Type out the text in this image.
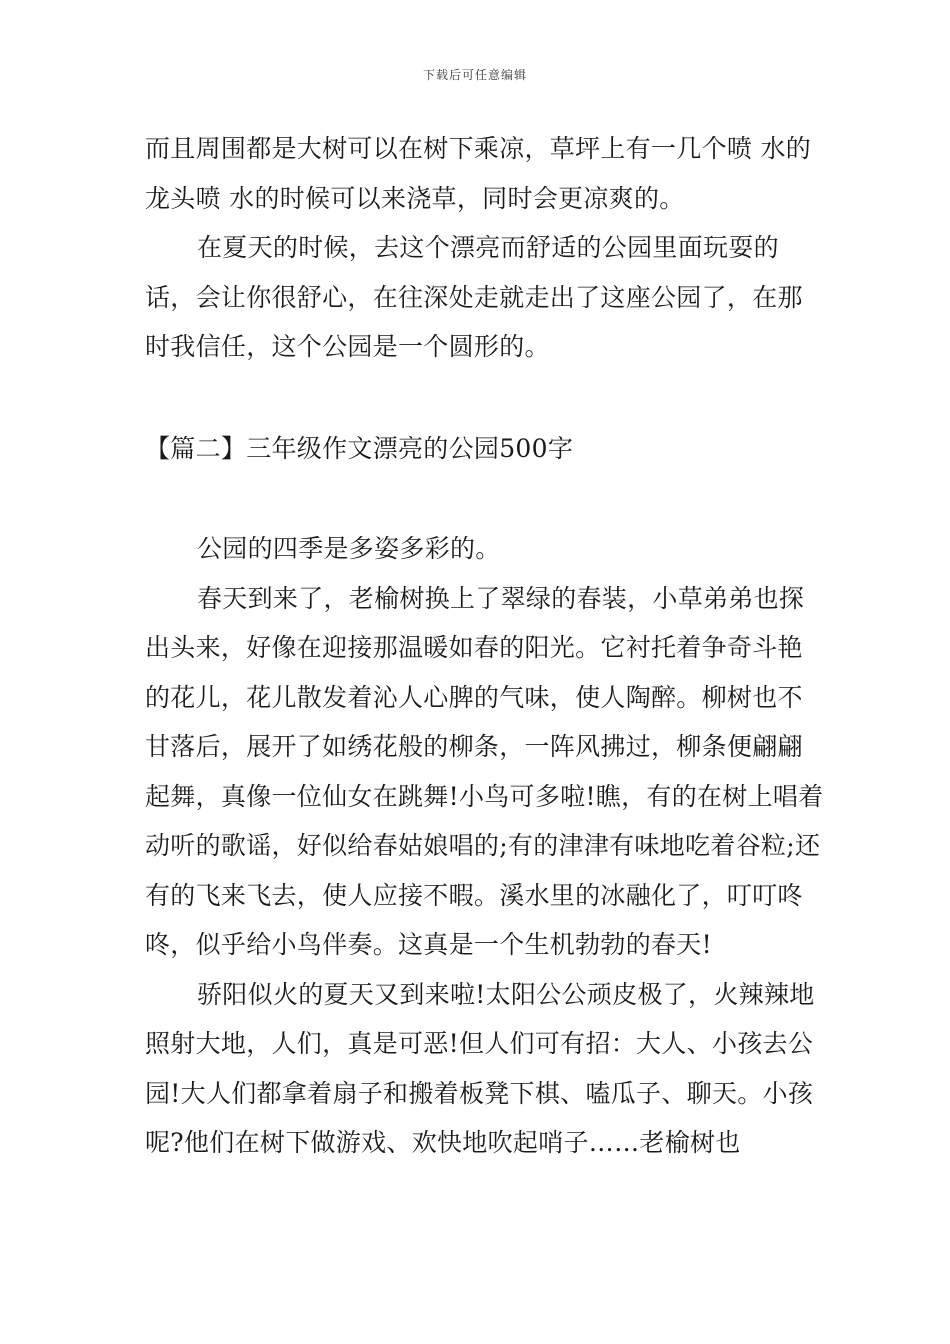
下载后可任意编辑

而且周围都是大树可以在树下乘凉，草坪上有一几个喷 水的龙头喷 水的时候可以来浇草，同时会更凉爽的。

在夏天的时候，去这个漂亮而舒适的公园里面玩耍的话，会让你很舒心，在往深处走就走出了这座公园了，在那时我信任，这个公园是一个圆形的。

【篇二】三年级作文漂亮的公园500字

公园的四季是多姿多彩的。

春天到来了，老榆树换上了翠绿的春装，小草弟弟也探出头来，好像在迎接那温暖如春的阳光。它衬托着争奇斗艳的花儿，花儿散发着沁人心脾的气味，使人陶醉。柳树也不甘落后，展开了如绣花般的柳条，一阵风拂过，柳条便翩翩起舞，真像一位仙女在跳舞!小鸟可多啦!瞧，有的在树上唱着动听的歌谣，好似给春姑娘唱的;有的津津有味地吃着谷粒;还有的飞来飞去，使人应接不暇。溪水里的冰融化了，叮叮咚咚，似乎给小鸟伴奏。这真是一个生机勃勃的春天!

骄阳似火的夏天又到来啦!太阳公公顽皮极了，火辣辣地照射大地，人们，真是可恶!但人们可有招：大人、小孩去公园!大人们都拿着扇子和搬着板凳下棋、嗑瓜子、聊天。小孩呢?他们在树下做游戏、欢快地吹起哨子……老榆树也
